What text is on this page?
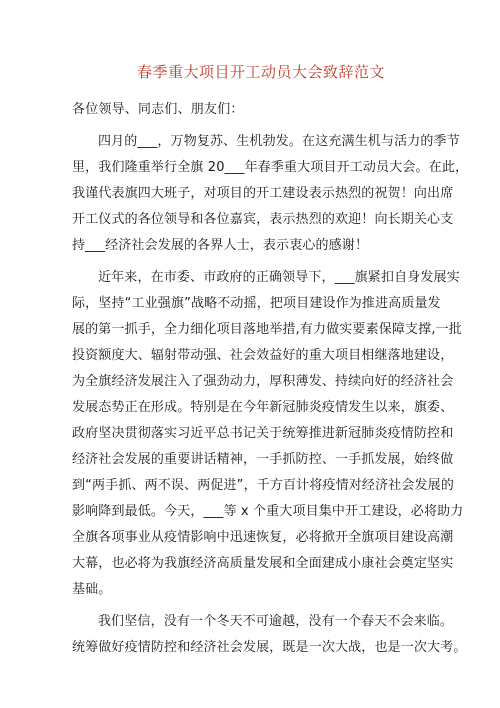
春季重大项目开工动员大会致辞范文

各位领导、同志们、朋友们：

四月的___，万物复苏、生机勃发。在这充满生机与活力的季节
里，我们隆重举行全旗 20___年春季重大项目开工动员大会。在此，
我谨代表旗四大班子，对项目的开工建设表示热烈的祝贺！向出席
开工仪式的各位领导和各位嘉宾，表示热烈的欢迎！向长期关心支
持___经济社会发展的各界人士，表示衷心的感谢！
近年来，在市委、市政府的正确领导下，___旗紧扣自身发展实
际，坚持“工业强旗”战略不动摇，把项目建设作为推进高质量发
展的第一抓手，全力细化项目落地举措,有力做实要素保障支撑,一批
投资额度大、辐射带动强、社会效益好的重大项目相继落地建设，
为全旗经济发展注入了强劲动力，厚积薄发、持续向好的经济社会
发展态势正在形成。特别是在今年新冠肺炎疫情发生以来，旗委、
政府坚决贯彻落实习近平总书记关于统筹推进新冠肺炎疫情防控和
经济社会发展的重要讲话精神，一手抓防控、一手抓发展，始终做
到“两手抓、两不误、两促进”，千方百计将疫情对经济社会发展的
影响降到最低。今天，___等 x 个重大项目集中开工建设，必将助力
全旗各项事业从疫情影响中迅速恢复，必将掀开全旗项目建设高潮
大幕，也必将为我旗经济高质量发展和全面建成小康社会奠定坚实
基础。
我们坚信，没有一个冬天不可逾越，没有一个春天不会来临。
统筹做好疫情防控和经济社会发展，既是一次大战，也是一次大考。
